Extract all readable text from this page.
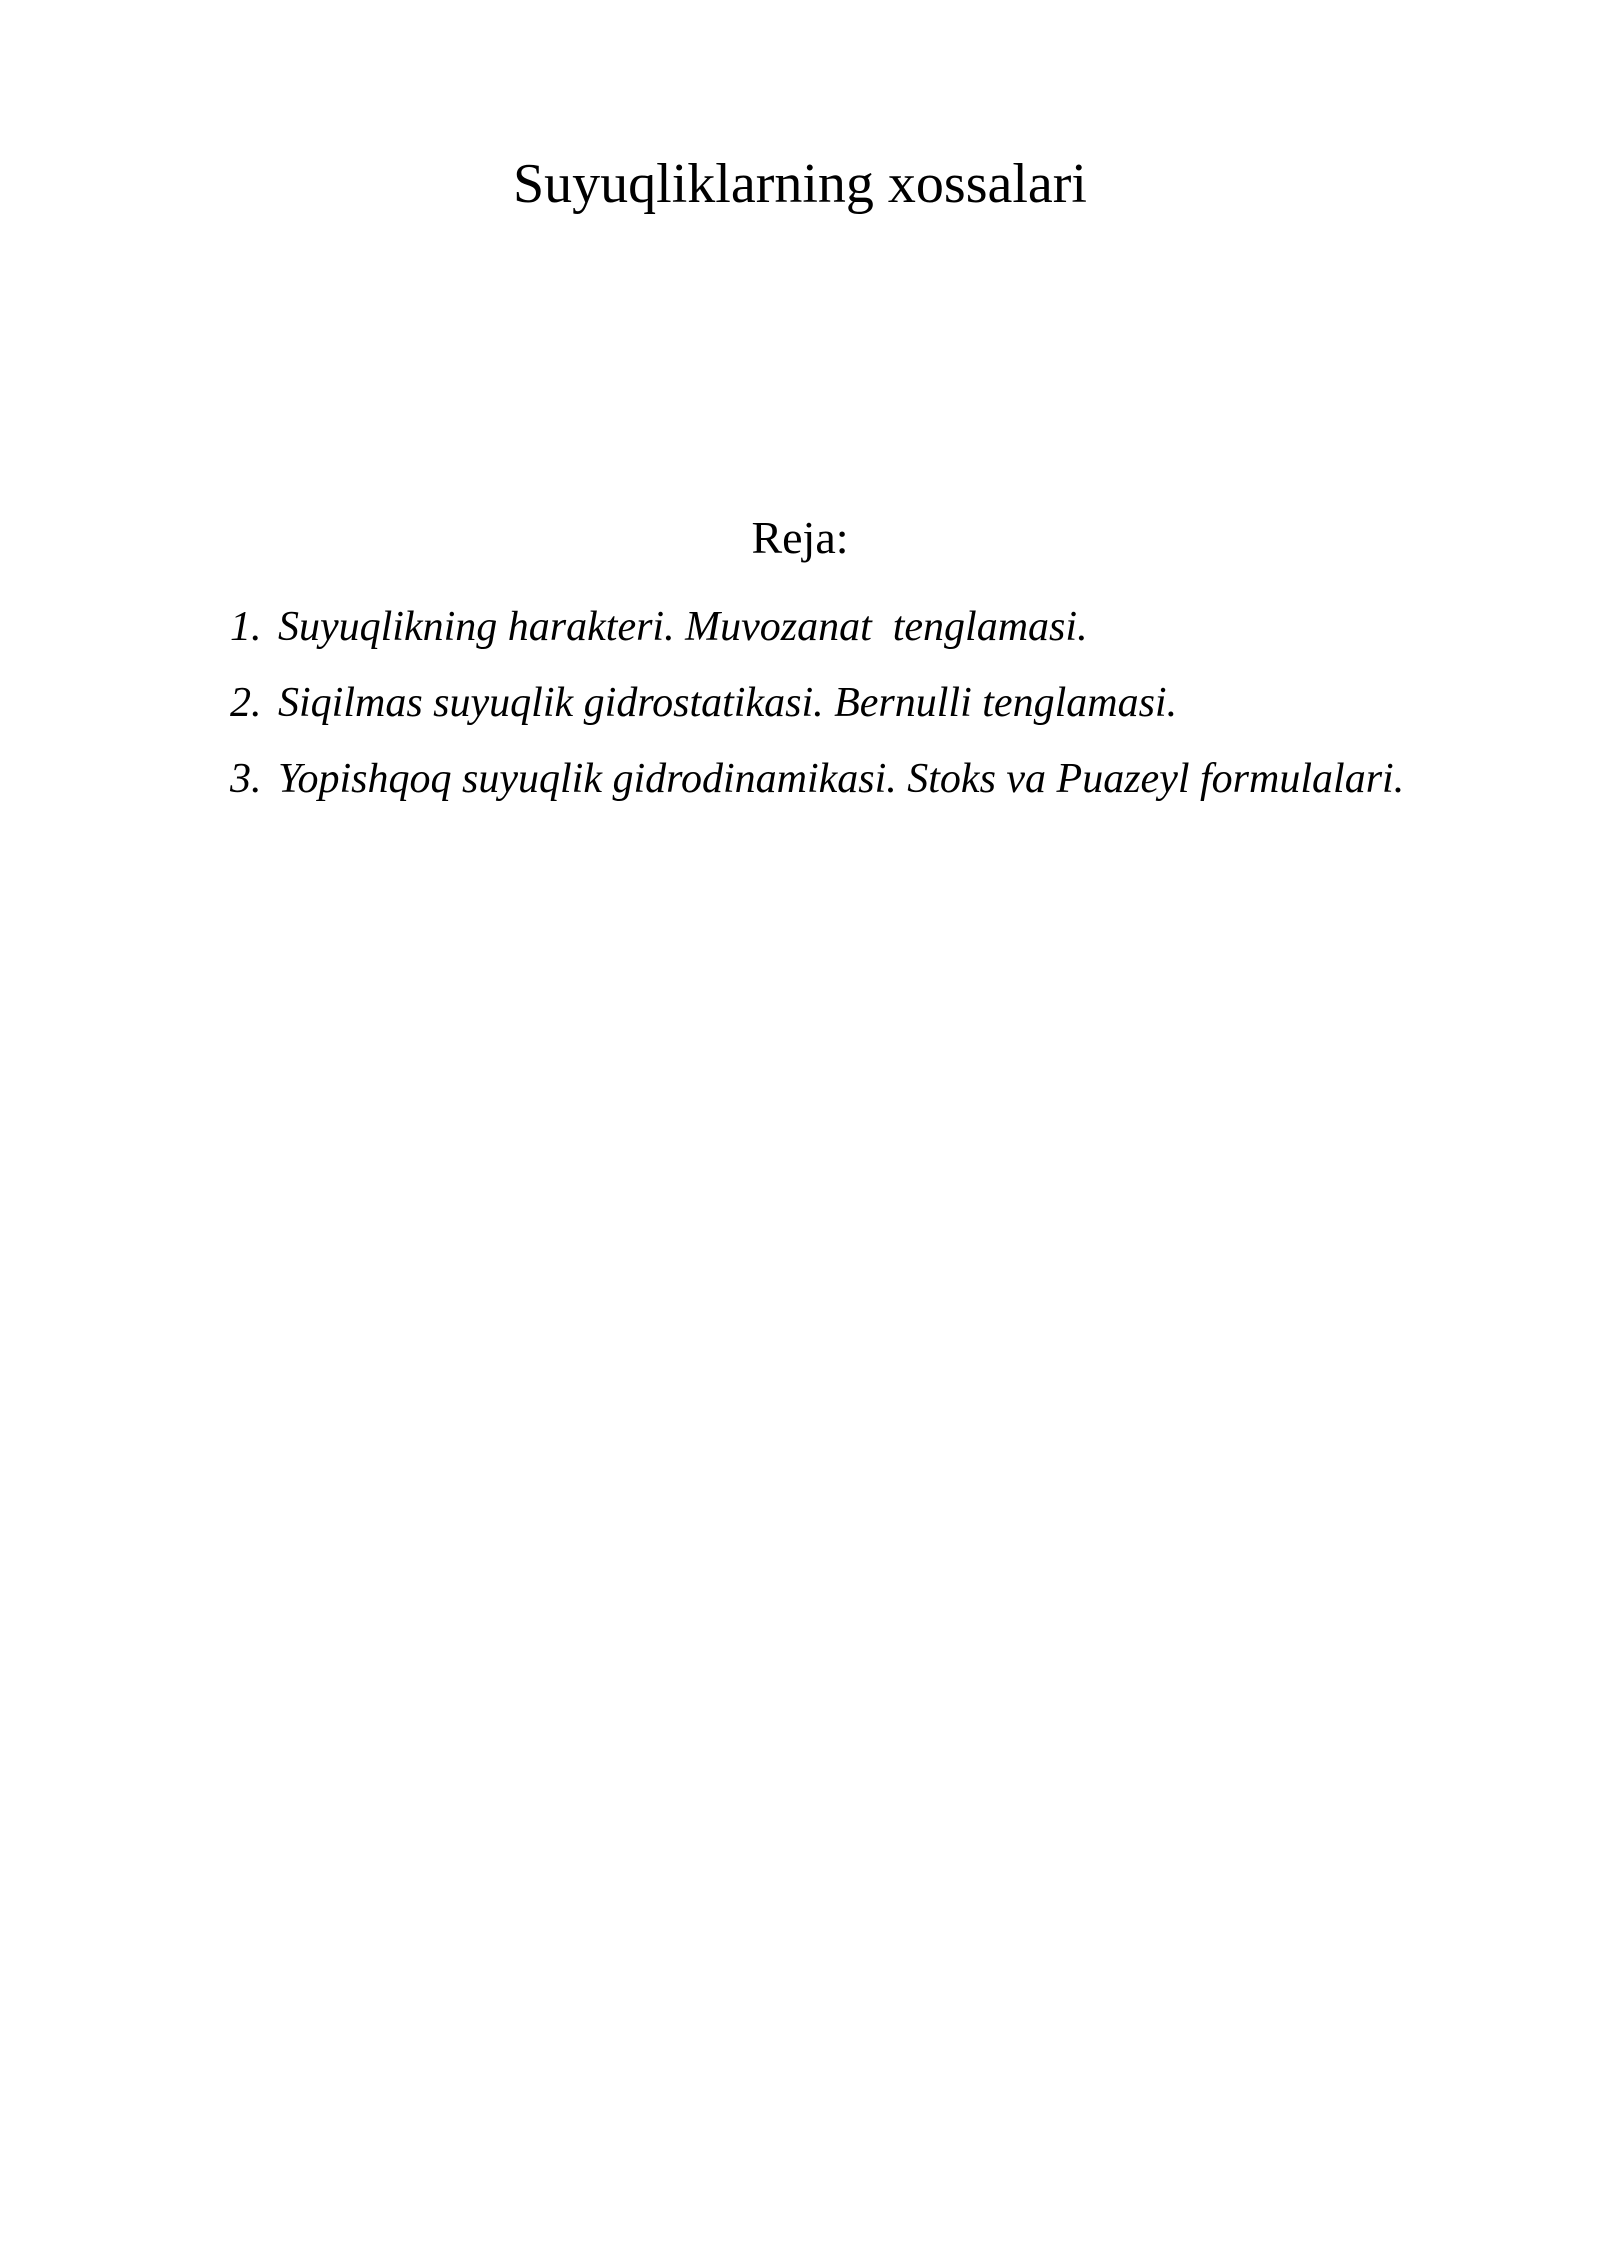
Suyuqliklarning xossalari
Reja:
1. Suyuqlikning harakteri. Muvozanat  tenglamasi.
2. Siqilmas suyuqlik gidrostatikasi. Bernulli tenglamasi.
3. Yopishqoq suyuqlik gidrodinamikasi. Stoks va Puazeyl formulalari.
